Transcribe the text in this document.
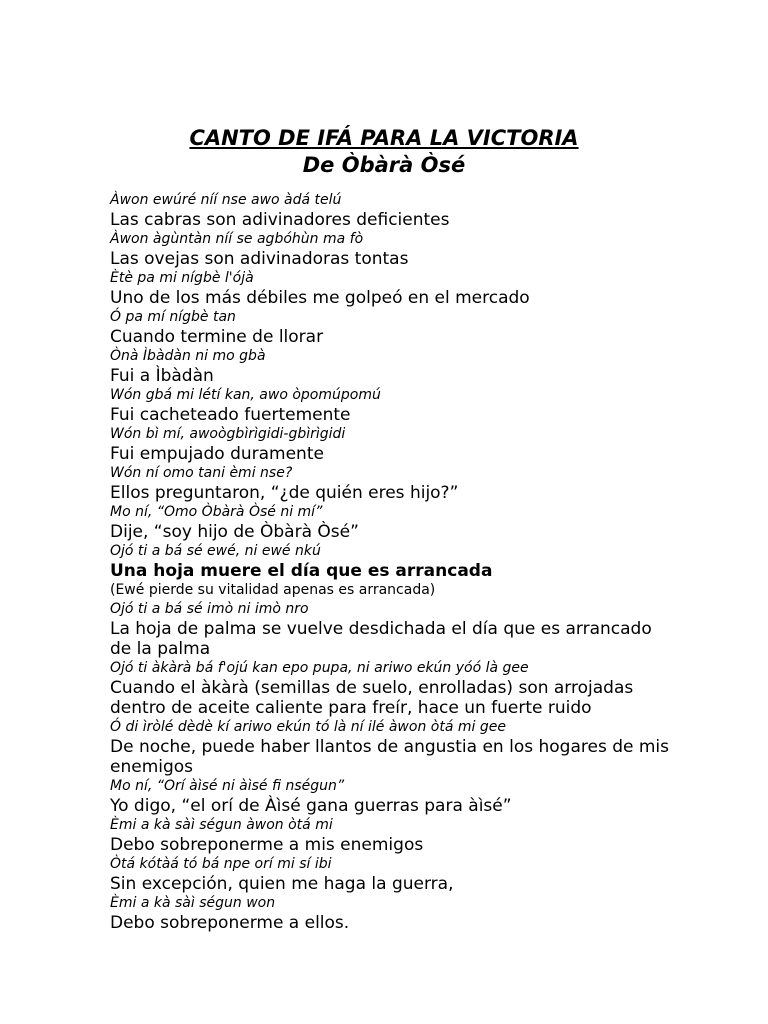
CANTO DE IFÁ PARA LA VICTORIA
De Òbàrà Òsé
Àwon ewúré níí nse awo àdá telú
Las cabras son adivinadores deficientes
Àwon àgùntàn níí se agbóhùn ma fò
Las ovejas son adivinadoras tontas
Ètè pa mi nígbè l'ójà
Uno de los más débiles me golpeó en el mercado
Ó pa mí nígbè tan
Cuando termine de llorar
Ònà Ìbàdàn ni mo gbà
Fui a Ìbàdàn
Wón gbá mi létí kan, awo òpomúpomú
Fui cacheteado fuertemente
Wón bì mí, awoògbìrìgidi-gbìrìgidi
Fui empujado duramente
Wón ní omo tani èmi nse?
Ellos preguntaron, “¿de quién eres hijo?”
Mo ní, “Omo Òbàrà Òsé ni mí”
Dije, “soy hijo de Òbàrà Òsé”
Ojó ti a bá sé ewé, ni ewé nkú
Una hoja muere el día que es arrancada
(Ewé pierde su vitalidad apenas es arrancada)
Ojó ti a bá sé imò ni imò nro
La hoja de palma se vuelve desdichada el día que es arrancado de la palma
Ojó ti àkàrà bá f'ojú kan epo pupa, ni ariwo ekún yóó là gee
Cuando el àkàrà (semillas de suelo, enrolladas) son arrojadas dentro de aceite caliente para freír, hace un fuerte ruido
Ó di ìròlé dèdè kí ariwo ekún tó là ní ilé àwon òtá mi gee
De noche, puede haber llantos de angustia en los hogares de mis enemigos
Mo ní, “Orí àìsé ni àìsé fi nségun”
Yo digo, “el orí de Àìsé gana guerras para àìsé”
Èmi a kà sàì ségun àwon òtá mi
Debo sobreponerme a mis enemigos
Òtá kótàá tó bá npe orí mi sí ibi
Sin excepción, quien me haga la guerra,
Èmi a kà sàì ségun won
Debo sobreponerme a ellos.
